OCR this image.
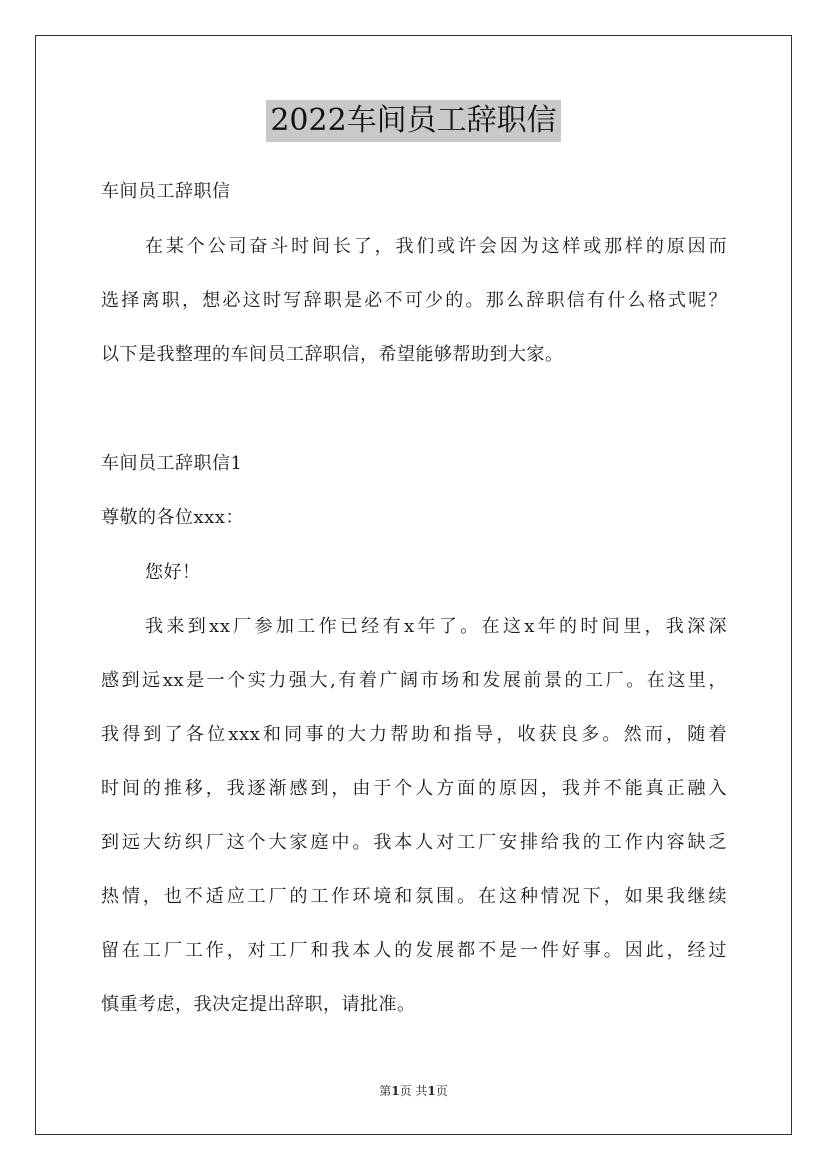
2022车间员工辞职信
车间员工辞职信
在某个公司奋斗时间长了，我们或许会因为这样或那样的原因而
选择离职，想必这时写辞职是必不可少的。那么辞职信有什么格式呢？
以下是我整理的车间员工辞职信，希望能够帮助到大家。
车间员工辞职信1
尊敬的各位xxx：
您好！
我来到xx厂参加工作已经有x年了。在这x年的时间里，我深深
感到远xx是一个实力强大,有着广阔市场和发展前景的工厂。在这里，
我得到了各位xxx和同事的大力帮助和指导，收获良多。然而，随着
时间的推移，我逐渐感到，由于个人方面的原因，我并不能真正融入
到远大纺织厂这个大家庭中。我本人对工厂安排给我的工作内容缺乏
热情，也不适应工厂的工作环境和氛围。在这种情况下，如果我继续
留在工厂工作，对工厂和我本人的发展都不是一件好事。因此，经过
慎重考虑，我决定提出辞职，请批准。
第1页 共1页
